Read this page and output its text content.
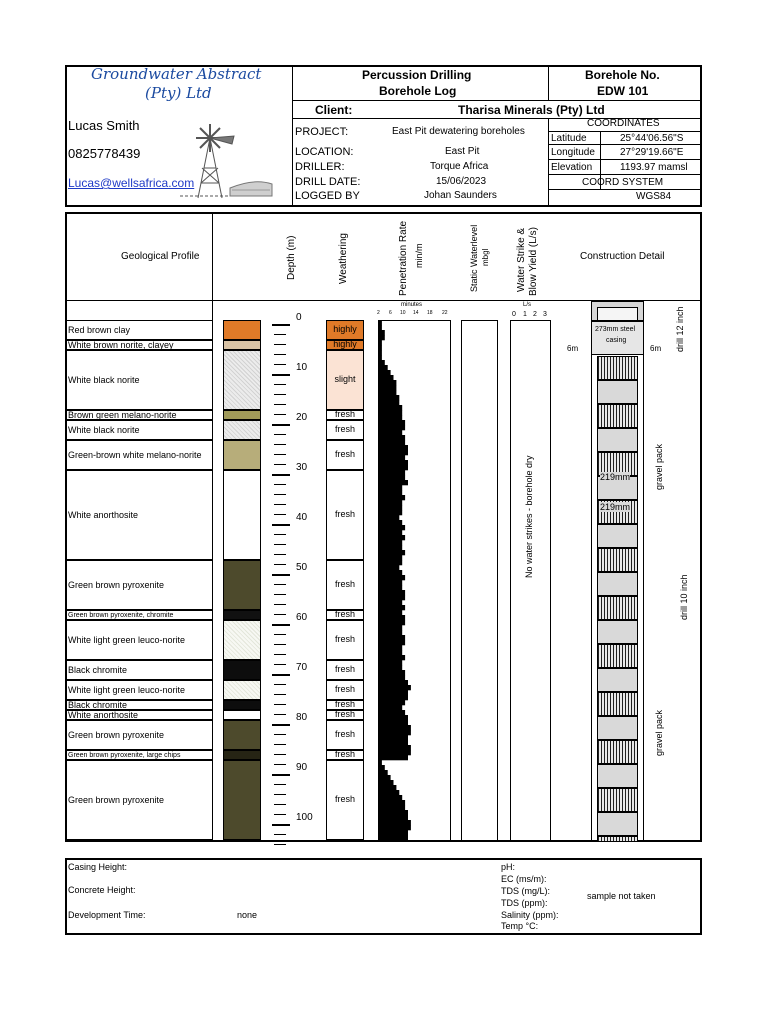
Groundwater Abstract
(Pty) Ltd
Lucas Smith
0825778439
Lucas@wellsafrica.com
Percussion Drilling
Borehole Log
Borehole No.
EDW 101
Client:	Tharisa Minerals (Pty) Ltd
PROJECT:	East Pit dewatering boreholes
LOCATION:	East Pit
DRILLER:	Torque Africa
DRILL DATE:	15/06/2023
LOGGED BY	Johan Saunders
COORDINATES
Latitude	25°44'06.56"S
Longitude	27°29'19.66"E
Elevation	1193.97 mamsl
COORD SYSTEM
WGS84
Geological Profile	Depth (m)	Weathering	Penetration Rate min/m	Static Waterlevel mbgl	Water Strike & Blow Yield (L/s)	Construction Detail
minutes
2 6 10 14 18 22
L/s
0 1 2 3
No water strikes - borehole dry
Red brown clay	highly
White brown norite, clayey	highly
White black norite	slight
Brown green melano-norite	fresh
White black norite	fresh
Green-brown white melano-norite	fresh
White anorthosite	fresh
Green brown pyroxenite	fresh
Green brown pyroxenite, chromite	fresh
White light green leuco-norite	fresh
Black chromite	fresh
White light green leuco-norite	fresh
Black chromite	fresh
White anorthosite	fresh
Green brown pyroxenite	fresh
Green brown pyroxenite, large chips	fresh
Green brown pyroxenite	fresh
0
10
20
30
40
50
60
70
80
90
100
273mm steel
casing
6m	6m drill 12 inch
219mm
219mm
gravel pack
drill 10 inch
gravel pack
Casing Height:
Concrete Height:
Development Time:	none
pH:
EC (ms/m):
TDS (mg/L):
TDS (ppm):
Salinity (ppm):
Temp °C:
sample not taken
